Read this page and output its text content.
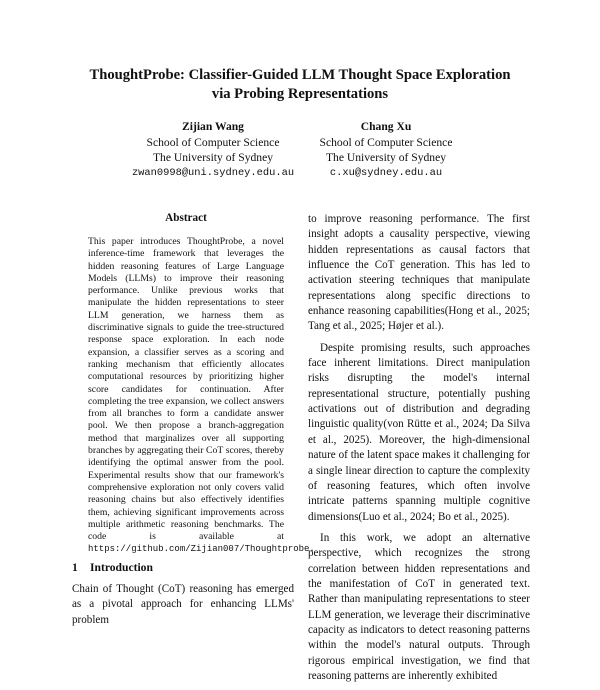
ThoughtProbe: Classifier-Guided LLM Thought Space Exploration
via Probing Representations
Zijian Wang
School of Computer Science
The University of Sydney
zwan0998@uni.sydney.edu.au
Chang Xu
School of Computer Science
The University of Sydney
c.xu@sydney.edu.au
Abstract
This paper introduces ThoughtProbe, a novel inference-time framework that leverages the hidden reasoning features of Large Language Models (LLMs) to improve their reasoning performance. Unlike previous works that manipulate the hidden representations to steer LLM generation, we harness them as discriminative signals to guide the tree-structured response space exploration. In each node expansion, a classifier serves as a scoring and ranking mechanism that efficiently allocates computational resources by prioritizing higher score candidates for continuation. After completing the tree expansion, we collect answers from all branches to form a candidate answer pool. We then propose a branch-aggregation method that marginalizes over all supporting branches by aggregating their CoT scores, thereby identifying the optimal answer from the pool. Experimental results show that our framework's comprehensive exploration not only covers valid reasoning chains but also effectively identifies them, achieving significant improvements across multiple arithmetic reasoning benchmarks. The code is available at https://github.com/Zijian007/Thoughtprobe.
1 Introduction
Chain of Thought (CoT) reasoning has emerged as a pivotal approach for enhancing LLMs' problem

to improve reasoning performance. The first insight adopts a causality perspective, viewing hidden representations as causal factors that influence the CoT generation. This has led to activation steering techniques that manipulate representations along specific directions to enhance reasoning capabilities(Hong et al., 2025; Tang et al., 2025; Højer et al.).

Despite promising results, such approaches face inherent limitations. Direct manipulation risks disrupting the model's internal representational structure, potentially pushing activations out of distribution and degrading linguistic quality(von Rütte et al., 2024; Da Silva et al., 2025). Moreover, the high-dimensional nature of the latent space makes it challenging for a single linear direction to capture the complexity of reasoning features, which often involve intricate patterns spanning multiple cognitive dimensions(Luo et al., 2024; Bo et al., 2025).

In this work, we adopt an alternative perspective, which recognizes the strong correlation between hidden representations and the manifestation of CoT in generated text. Rather than manipulating representations to steer LLM generation, we leverage their discriminative capacity as indicators to detect reasoning patterns within the model's natural outputs. Through rigorous empirical investigation, we find that reasoning patterns are inherently exhibited
